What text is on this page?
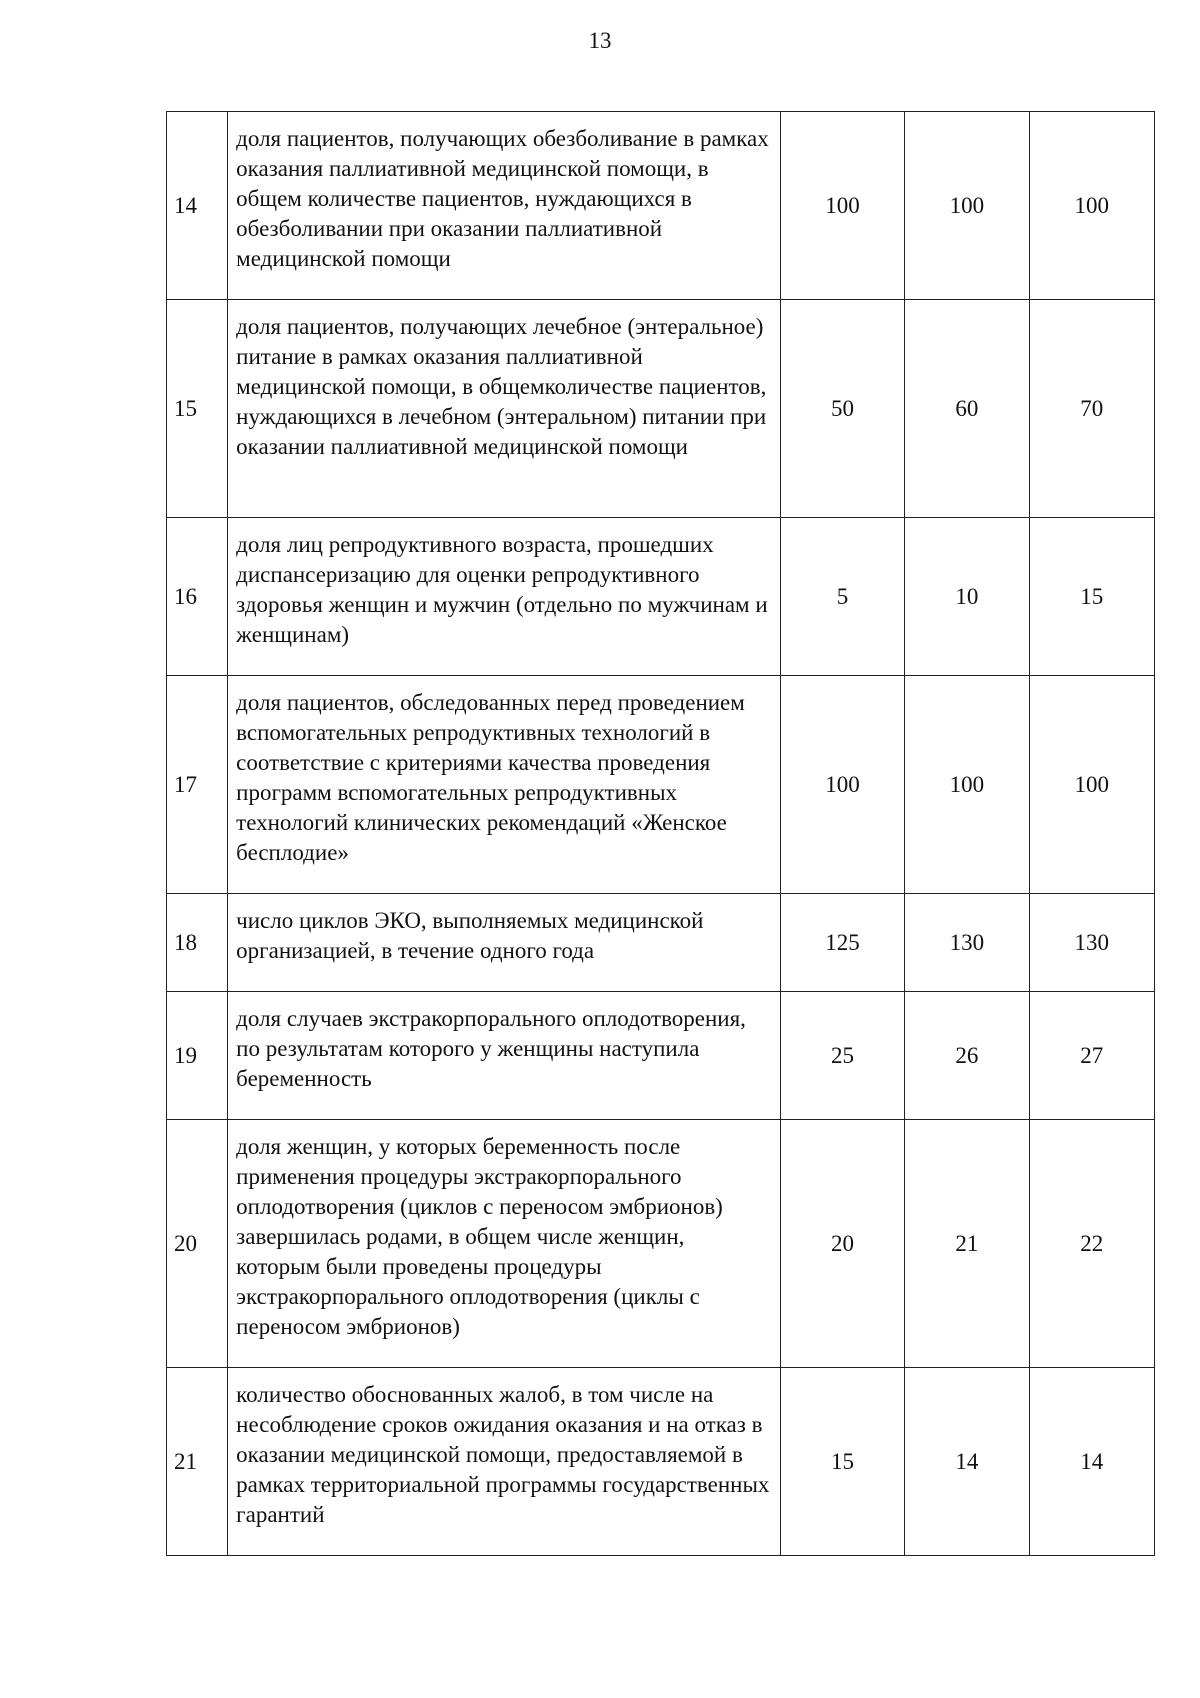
13
14	доля пациентов, получающих обезболивание в рамках оказания паллиативной медицинской помощи, в общем количестве пациентов, нуждающихся в обезболивании при оказании паллиативной медицинской помощи	100	100	100
15	доля пациентов, получающих лечебное (энтеральное) питание в рамках оказания паллиативной медицинской помощи, в общемколичестве пациентов, нуждающихся в лечебном (энтеральном) питании при оказании паллиативной медицинской помощи	50	60	70
16	доля лиц репродуктивного возраста, прошедших диспансеризацию для оценки репродуктивного здоровья женщин и мужчин (отдельно по мужчинам и женщинам)	5	10	15
17	доля пациентов, обследованных перед проведением вспомогательных репродуктивных технологий в соответствие с критериями качества проведения программ вспомогательных репродуктивных технологий клинических рекомендаций «Женское бесплодие»	100	100	100
18	число циклов ЭКО, выполняемых медицинской организацией, в течение одного года	125	130	130
19	доля случаев экстракорпорального оплодотворения, по результатам которого у женщины наступила беременность	25	26	27
20	доля женщин, у которых беременность после применения процедуры экстракорпорального оплодотворения (циклов с переносом эмбрионов) завершилась родами, в общем числе женщин, которым были проведены процедуры экстракорпорального оплодотворения (циклы с переносом эмбрионов)	20	21	22
21	количество обоснованных жалоб, в том числе на несоблюдение сроков ожидания оказания и на отказ в оказании медицинской помощи, предоставляемой в рамках территориальной программы государственных гарантий	15	14	14
